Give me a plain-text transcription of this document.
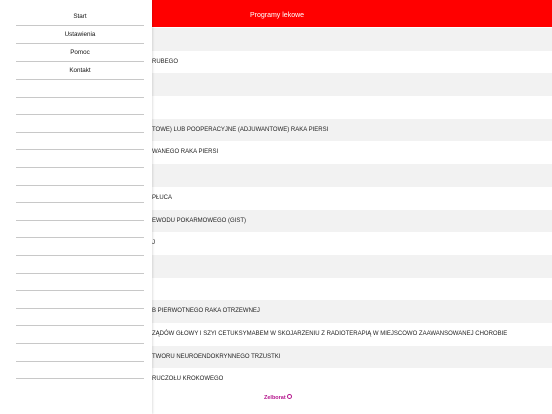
Programy lekowe
RUBEGO
TOWE) LUB POOPERACYJNE (ADJUWANTOWE) RAKA PIERSI
WANEGO RAKA PIERSI
PŁUCA
EWODU POKARMOWEGO (GIST)
J
B PIERWOTNEGO RAKA OTRZEWNEJ
ZĄDÓW GŁOWY I SZYI CETUKSYMABEM W SKOJARZENIU Z RADIOTERAPIĄ W MIEJSCOWO ZAAWANSOWANEJ CHOROBIE
TWORU NEUROENDOKRYNNEGO TRZUSTKI
RUCZOŁU KROKOWEGO
Zelborat
Start
Ustawienia
Pomoc
Kontakt
